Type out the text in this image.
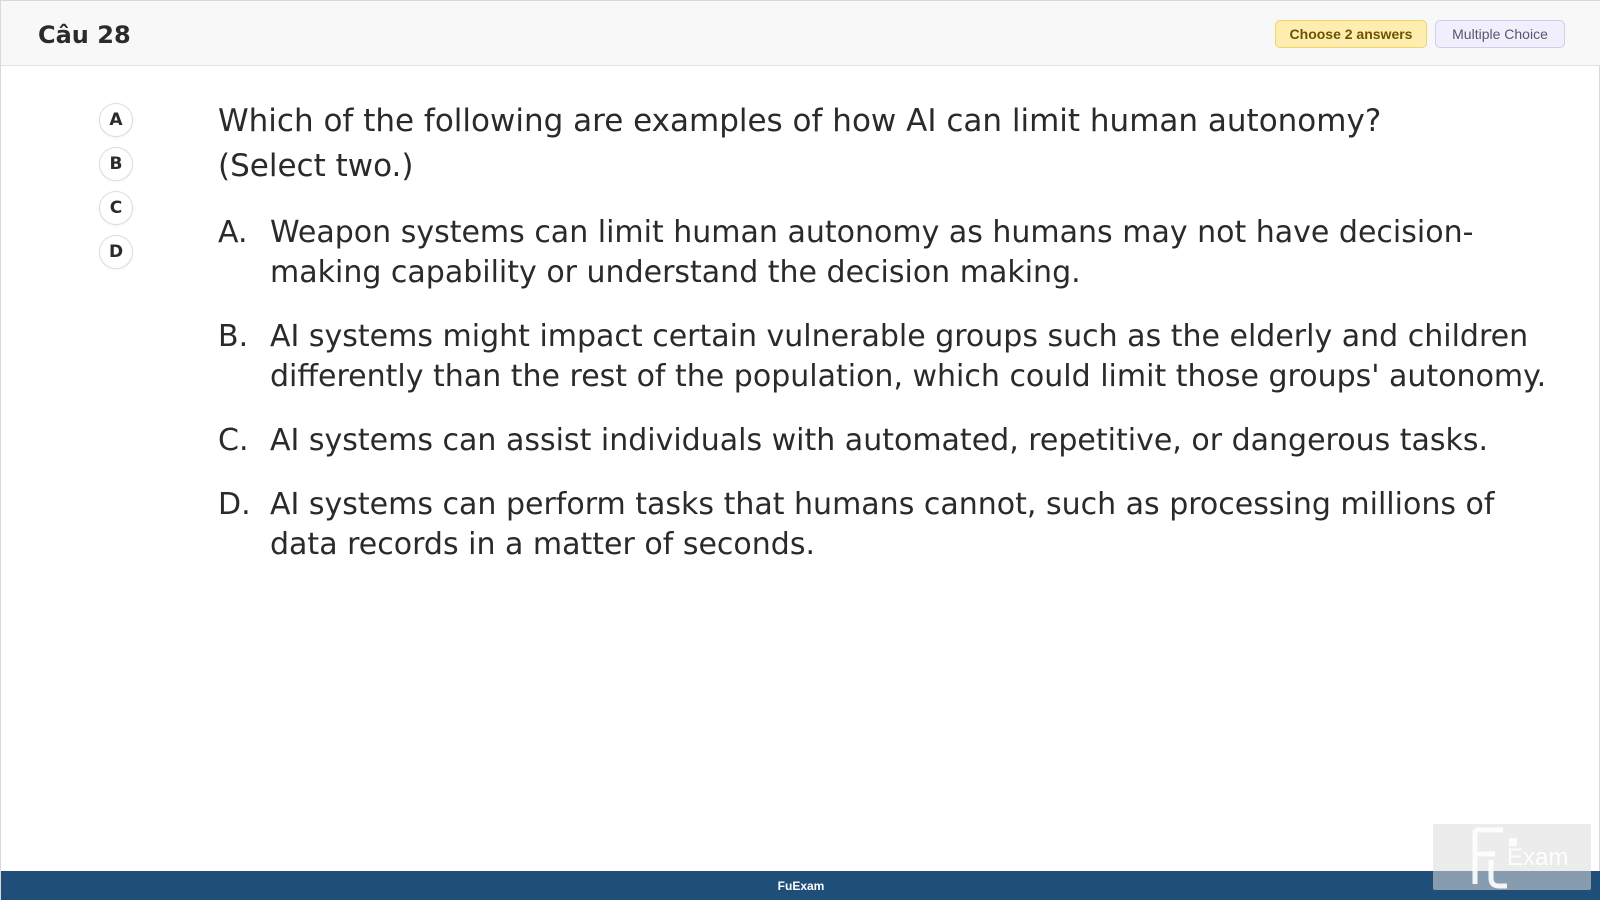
Câu 28	Choose 2 answers	Multiple Choice
A
B
C
D
Which of the following are examples of how AI can limit human autonomy?
(Select two.)
A. Weapon systems can limit human autonomy as humans may not have decision-making capability or understand the decision making.
B. AI systems might impact certain vulnerable groups such as the elderly and children differently than the rest of the population, which could limit those groups' autonomy.
C. AI systems can assist individuals with automated, repetitive, or dangerous tasks.
D. AI systems can perform tasks that humans cannot, such as processing millions of data records in a matter of seconds.
FuExam
Exam
